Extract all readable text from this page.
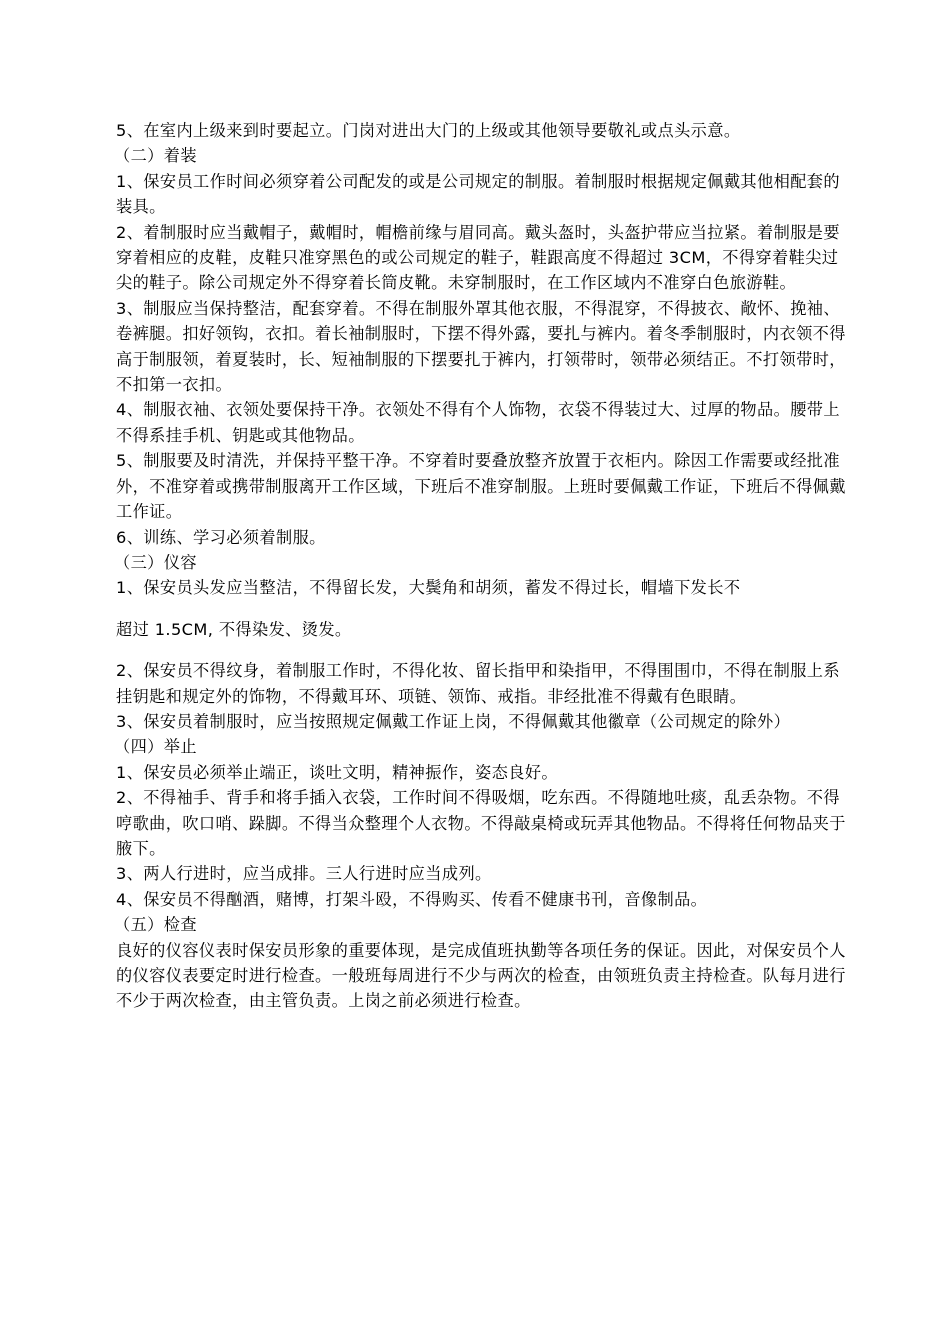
5、在室内上级来到时要起立。门岗对进出大门的上级或其他领导要敬礼或点头示意。

（二）着装

1、保安员工作时间必须穿着公司配发的或是公司规定的制服。着制服时根据规定佩戴其他相配套的装具。

2、着制服时应当戴帽子，戴帽时，帽檐前缘与眉同高。戴头盔时，头盔护带应当拉紧。着制服是要穿着相应的皮鞋，皮鞋只准穿黑色的或公司规定的鞋子，鞋跟高度不得超过 3CM，不得穿着鞋尖过尖的鞋子。除公司规定外不得穿着长筒皮靴。未穿制服时，在工作区域内不准穿白色旅游鞋。

3、制服应当保持整洁，配套穿着。不得在制服外罩其他衣服，不得混穿，不得披衣、敞怀、挽袖、卷裤腿。扣好领钩，衣扣。着长袖制服时，下摆不得外露，要扎与裤内。着冬季制服时，内衣领不得高于制服领，着夏装时，长、短袖制服的下摆要扎于裤内，打领带时，领带必须结正。不打领带时，不扣第一衣扣。

4、制服衣袖、衣领处要保持干净。衣领处不得有个人饰物，衣袋不得装过大、过厚的物品。腰带上不得系挂手机、钥匙或其他物品。

5、制服要及时清洗，并保持平整干净。不穿着时要叠放整齐放置于衣柜内。除因工作需要或经批准外，不准穿着或携带制服离开工作区域，下班后不准穿制服。上班时要佩戴工作证，下班后不得佩戴工作证。

6、训练、学习必须着制服。

（三）仪容

1、保安员头发应当整洁，不得留长发，大鬓角和胡须，蓄发不得过长，帽墙下发长不

超过 1.5CM, 不得染发、烫发。

2、保安员不得纹身，着制服工作时，不得化妆、留长指甲和染指甲，不得围围巾，不得在制服上系挂钥匙和规定外的饰物，不得戴耳环、项链、领饰、戒指。非经批准不得戴有色眼睛。

3、保安员着制服时，应当按照规定佩戴工作证上岗，不得佩戴其他徽章（公司规定的除外）

（四）举止

1、保安员必须举止端正，谈吐文明，精神振作，姿态良好。

2、不得袖手、背手和将手插入衣袋，工作时间不得吸烟，吃东西。不得随地吐痰，乱丢杂物。不得哼歌曲，吹口哨、跺脚。不得当众整理个人衣物。不得敲桌椅或玩弄其他物品。不得将任何物品夹于腋下。

3、两人行进时，应当成排。三人行进时应当成列。

4、保安员不得酗酒，赌博，打架斗殴，不得购买、传看不健康书刊，音像制品。

（五）检查

良好的仪容仪表时保安员形象的重要体现，是完成值班执勤等各项任务的保证。因此，对保安员个人的仪容仪表要定时进行检查。一般班每周进行不少与两次的检查，由领班负责主持检查。队每月进行不少于两次检查，由主管负责。上岗之前必须进行检查。
